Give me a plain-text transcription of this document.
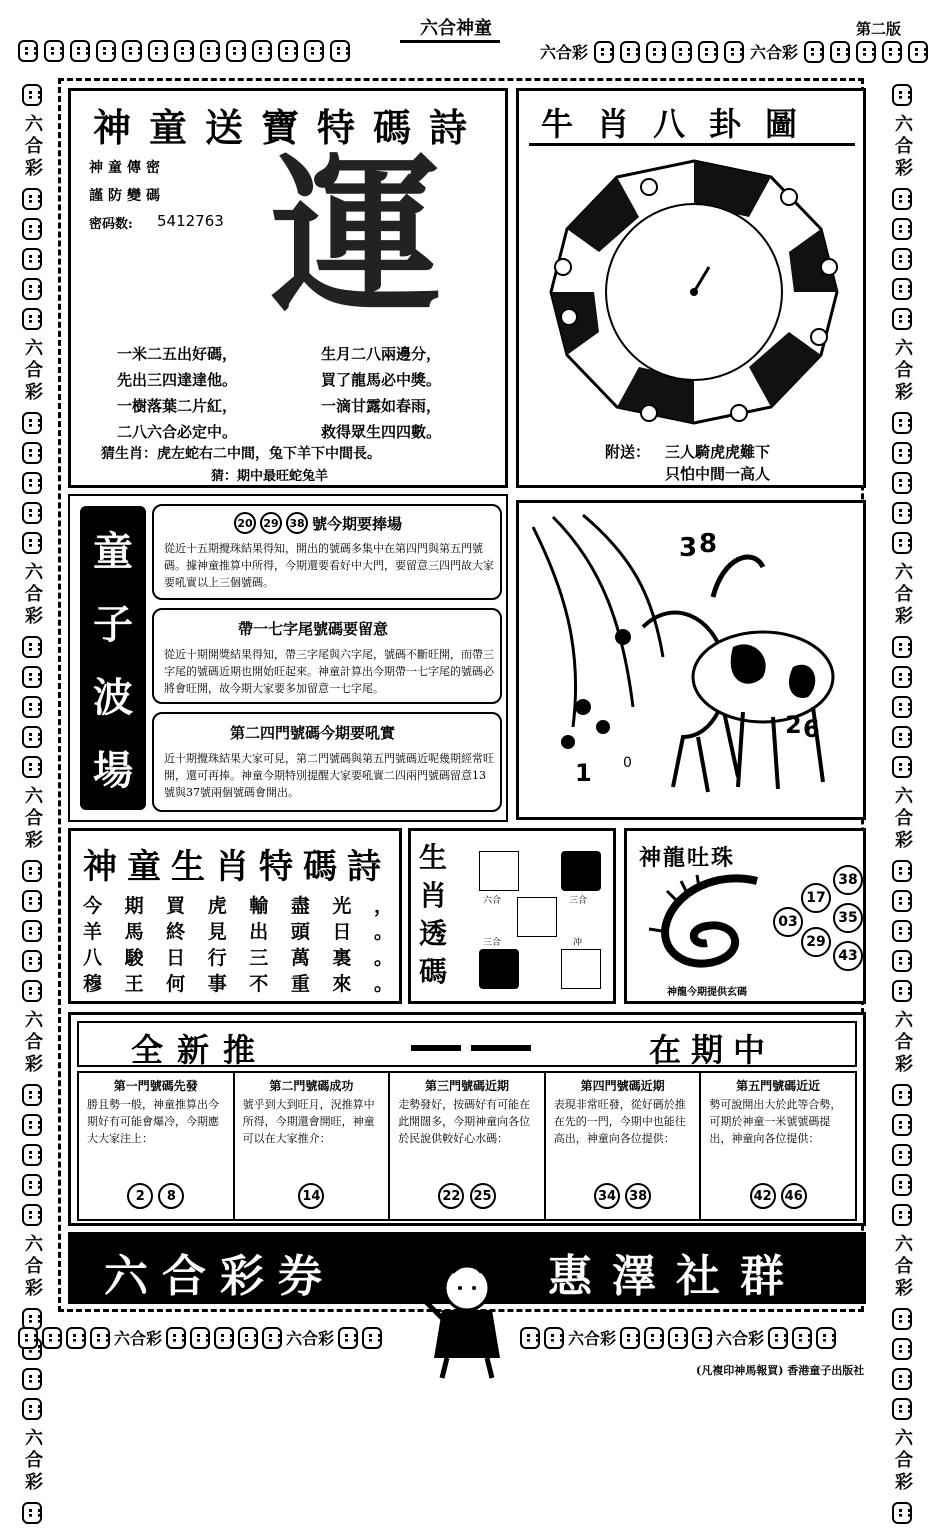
六合神童	第二版
六合彩	六合彩
六合彩
六合彩
六合彩
六合彩
六合彩
六合彩
六合彩
六合彩
六合彩
六合彩
六合彩
六合彩
六合彩
六合彩
神童送寶特碼詩
神童傳密
謹防變碼
密码数: 5412763 運
一米二五出好碼，
先出三四達達他。
一樹落葉二片紅，
二八六合必定中。
生月二八兩邊分，
買了龍馬必中獎。
一滴甘露如春雨，
救得眾生四四數。
猜生肖：虎左蛇右二中間，兔下羊下中間長。
猜：期中最旺蛇兔羊
牛肖八卦圖
附送： 三人騎虎虎難下
只怕中間一高人
童
子
波
場
20 29 38 號今期要捧場
從近十五期攪珠結果得知，開出的號碼多集中在第四門與第五門號碼。據神童推算中所得，今期還要看好中大門，要留意三四門故大家要吼實以上三個號碼。
帶一七字尾號碼要留意
從近十期開獎結果得知，帶三字尾與六字尾，號碼不斷旺開，而帶三字尾的號碼近期也開始旺起來。神童計算出今期帶一七字尾的號碼必將會旺開，故今期大家要多加留意一七字尾。
第二四門號碼今期要吼實
近十期攪珠結果大家可見，第二門號碼與第五門號碼近呢幾期經常旺開，還可再捧。神童今期特別提醒大家要吼實二四兩門號碼留意13號與37號兩個號碼會開出。
3 8
2 6
1 0
神童生肖特碼詩
今 期 買 虎 輸 盡 光 ，
羊 馬 終 見 出 頭 日 。
八 駿 日 行 三 萬 裏 。
穆 王 何 事 不 重 來 。
生
肖
透
碼
六合	三合
三合	冲
神龍吐珠
38
17
03	35
29
43
神龍今期提供玄碼
全新推	在期中
第一門號碼先發
勝且勢一般，神童推算出今期好有可能會爆冷，今期應大大家注上：
2 8
第二門號碼成功
號乎到大到旺月，況推算中所得，今期還會開旺，神童可以在大家推介：
14
第三門號碼近期
走勢發好，按碼好有可能在此開闊多，今期神童向各位於民說供較好心水碼：
22 25
第四門號碼近期
表現非常旺發，從好碼於推在先的一門，今期中也能往高出，神童向各位提供：
34 38
第五門號碼近近
勢可說開出大於此等合勢，可期於神童一米號號碼提出，神童向各位提供：
42 46
六合彩券	惠澤社群
六合彩	六合彩	六合彩	六合彩
(凡複印神馬報買) 香港童子出版社
